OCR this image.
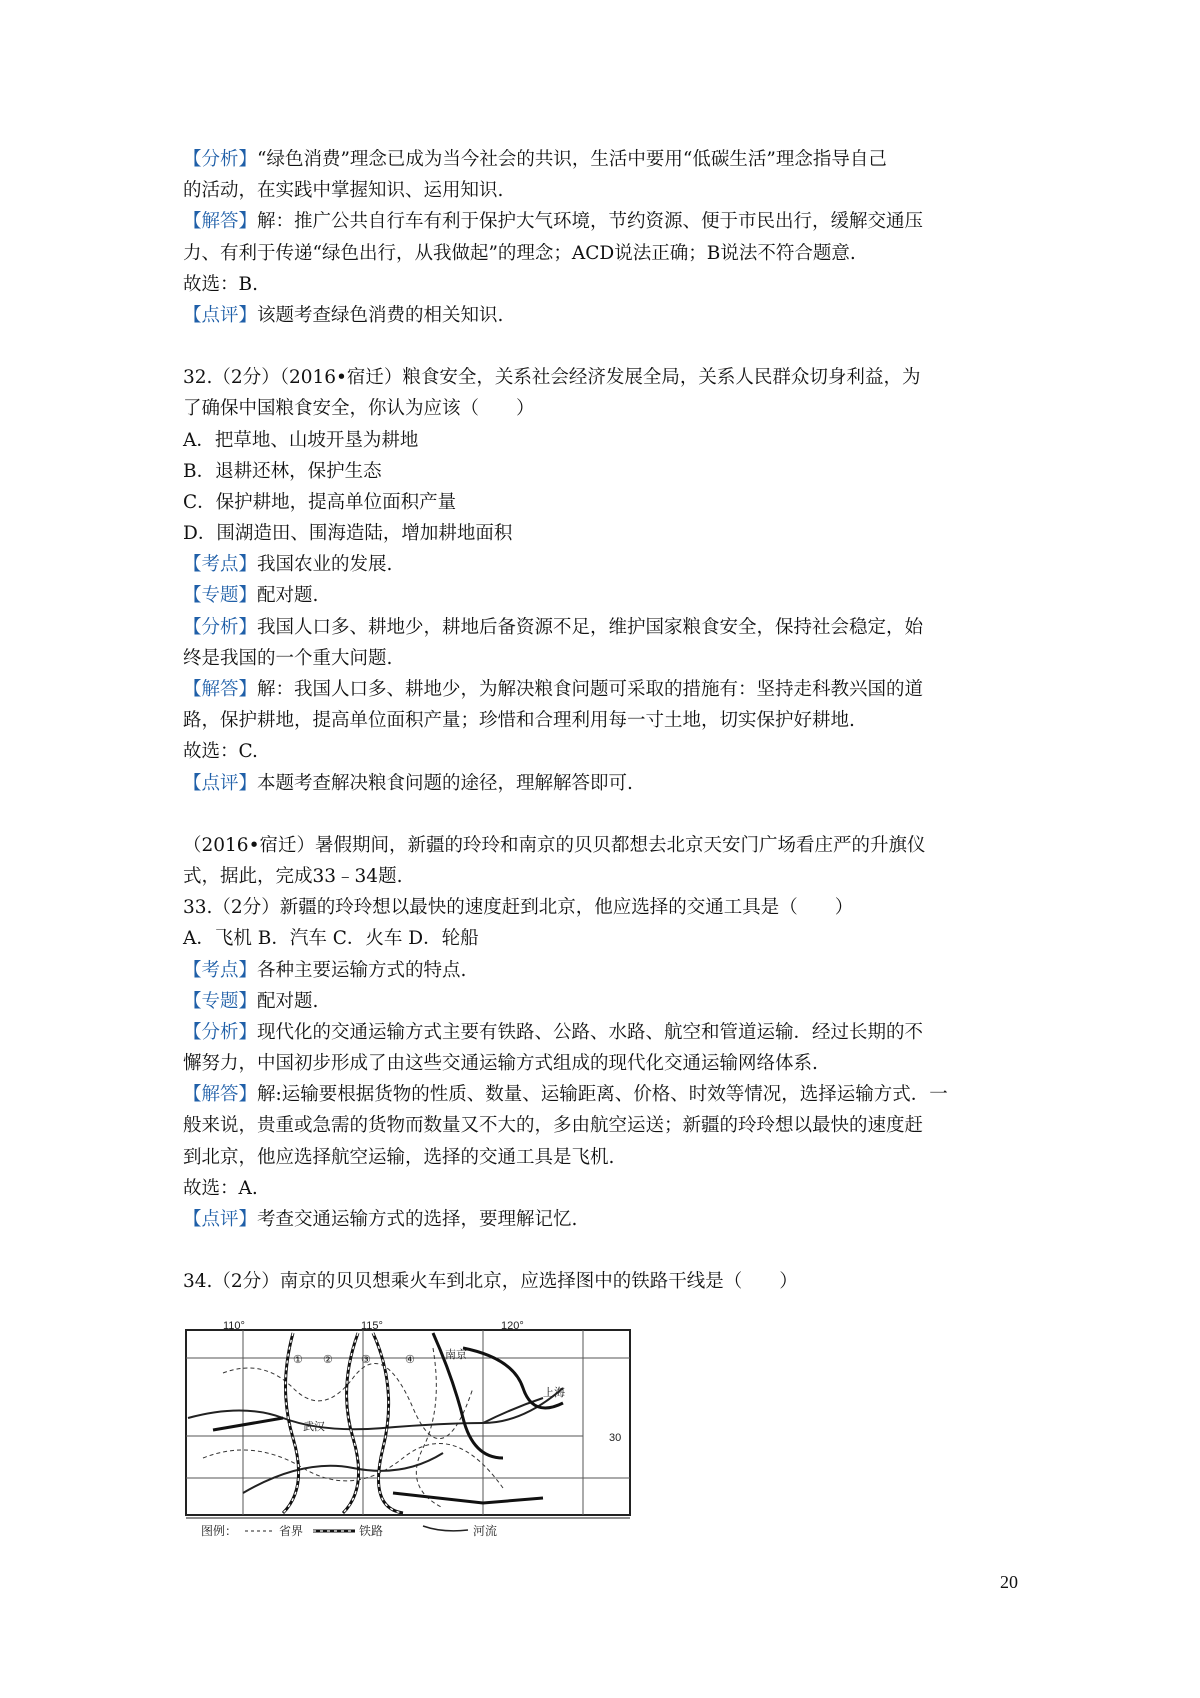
【分析】“绿色消费”理念已成为当今社会的共识，生活中要用“低碳生活”理念指导自己
的活动，在实践中掌握知识、运用知识.
【解答】解：推广公共自行车有利于保护大气环境，节约资源、便于市民出行，缓解交通压
力、有利于传递“绿色出行，从我做起”的理念；ACD说法正确；B说法不符合题意.
故选：B.
【点评】该题考查绿色消费的相关知识.
32.（2分）（2016•宿迁）粮食安全，关系社会经济发展全局，关系人民群众切身利益，为
了确保中国粮食安全，你认为应该（　　）
A．把草地、山坡开垦为耕地
B．退耕还林，保护生态
C．保护耕地，提高单位面积产量
D．围湖造田、围海造陆，增加耕地面积
【考点】我国农业的发展.
【专题】配对题.
【分析】我国人口多、耕地少，耕地后备资源不足，维护国家粮食安全，保持社会稳定，始
终是我国的一个重大问题.
【解答】解：我国人口多、耕地少，为解决粮食问题可采取的措施有：坚持走科教兴国的道
路，保护耕地，提高单位面积产量；珍惜和合理利用每一寸土地，切实保护好耕地.
故选：C.
【点评】本题考查解决粮食问题的途径，理解解答即可.
（2016•宿迁）暑假期间，新疆的玲玲和南京的贝贝都想去北京天安门广场看庄严的升旗仪
式，据此，完成33﹣34题.
33.（2分）新疆的玲玲想以最快的速度赶到北京，他应选择的交通工具是（　　）
A．飞机 B．汽车 C．火车 D．轮船
【考点】各种主要运输方式的特点.
【专题】配对题.
【分析】现代化的交通运输方式主要有铁路、公路、水路、航空和管道运输．经过长期的不
懈努力，中国初步形成了由这些交通运输方式组成的现代化交通运输网络体系.
【解答】解:运输要根据货物的性质、数量、运输距离、价格、时效等情况，选择运输方式．一
般来说，贵重或急需的货物而数量又不大的，多由航空运送；新疆的玲玲想以最快的速度赶
到北京，他应选择航空运输，选择的交通工具是飞机.
故选：A.
【点评】考查交通运输方式的选择，要理解记忆.
34.（2分）南京的贝贝想乘火车到北京，应选择图中的铁路干线是（　　）
110°	115°	120°
30
① ②	③	④	南京
上海
武汉
图例：	省界	铁路	河流
20
